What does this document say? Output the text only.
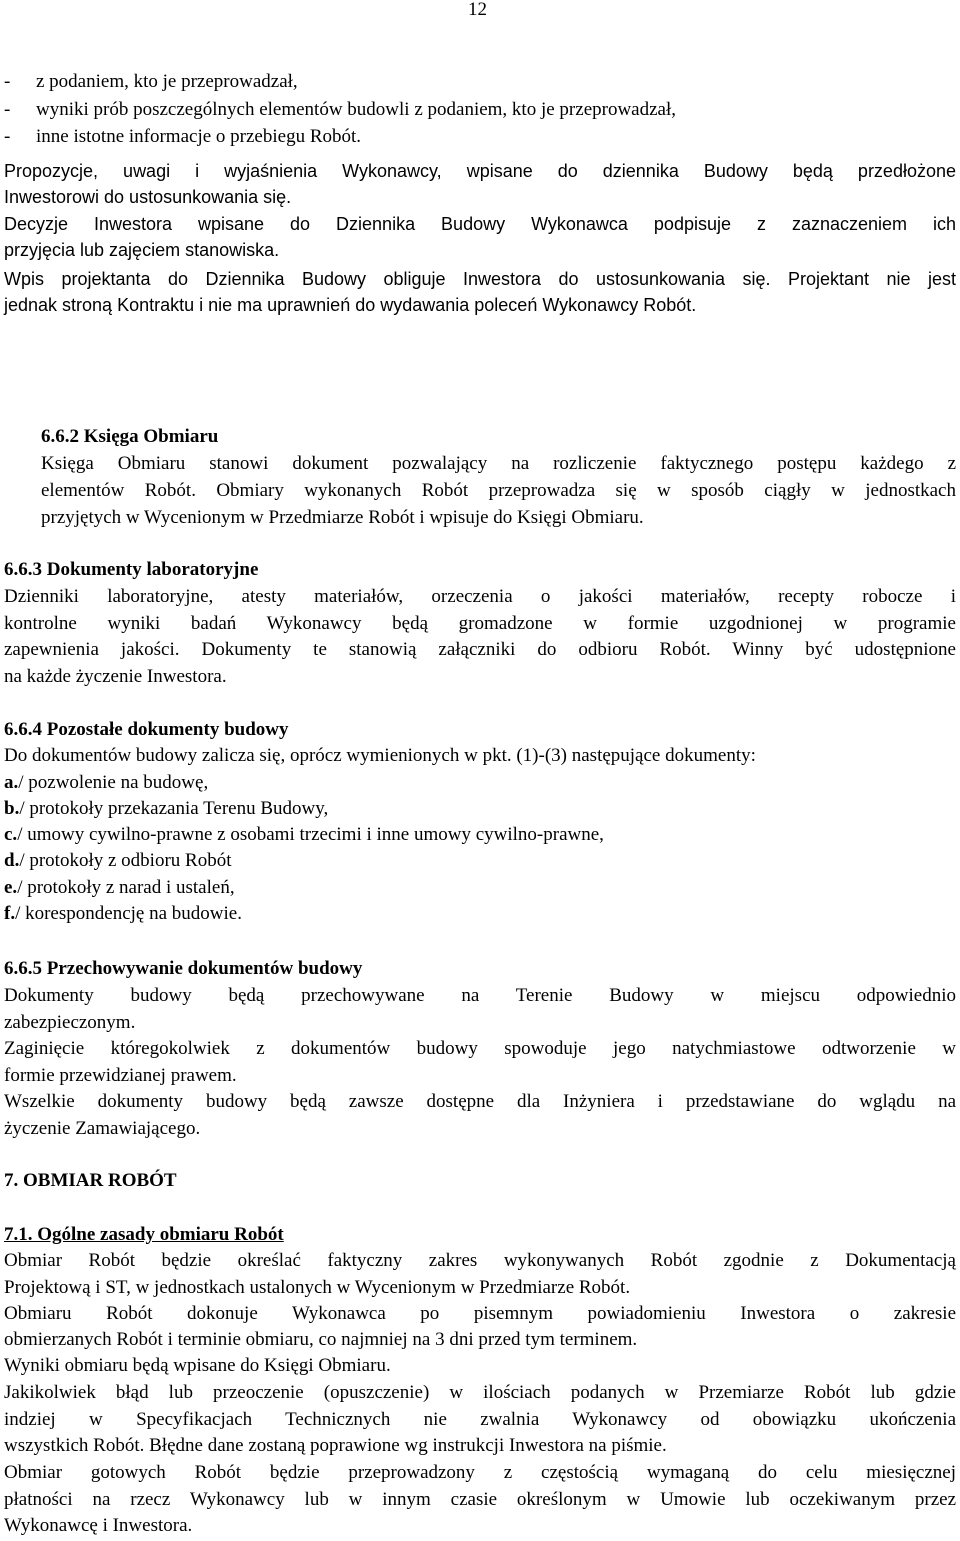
12
- z podaniem, kto je przeprowadzał,
- wyniki prób poszczególnych elementów budowli z podaniem, kto je przeprowadzał,
- inne istotne informacje o przebiegu Robót.
Propozycje, uwagi i wyjaśnienia Wykonawcy, wpisane do dziennika Budowy będą przedłożone
Inwestorowi do ustosunkowania się.
Decyzje Inwestora wpisane do Dziennika Budowy Wykonawca podpisuje z zaznaczeniem ich
przyjęcia lub zajęciem stanowiska.
Wpis projektanta do Dziennika Budowy obliguje Inwestora do ustosunkowania się. Projektant nie jest
jednak stroną Kontraktu i nie ma uprawnień do wydawania poleceń Wykonawcy Robót.
6.6.2 Księga Obmiaru
Księga Obmiaru stanowi dokument pozwalający na rozliczenie faktycznego postępu każdego z
elementów Robót. Obmiary wykonanych Robót przeprowadza się w sposób ciągły w jednostkach
przyjętych w Wycenionym w Przedmiarze Robót i wpisuje do Księgi Obmiaru.
6.6.3 Dokumenty laboratoryjne
Dzienniki laboratoryjne, atesty materiałów, orzeczenia o jakości materiałów, recepty robocze i
kontrolne wyniki badań Wykonawcy będą gromadzone w formie uzgodnionej w programie
zapewnienia jakości. Dokumenty te stanowią załączniki do odbioru Robót. Winny być udostępnione
na każde życzenie Inwestora.
6.6.4 Pozostałe dokumenty budowy
Do dokumentów budowy zalicza się, oprócz wymienionych w pkt. (1)-(3) następujące dokumenty:
a./ pozwolenie na budowę,
b./ protokoły przekazania Terenu Budowy,
c./ umowy cywilno-prawne z osobami trzecimi i inne umowy cywilno-prawne,
d./ protokoły z odbioru Robót
e./ protokoły z narad i ustaleń,
f./ korespondencję na budowie.
6.6.5 Przechowywanie dokumentów budowy
Dokumenty budowy będą przechowywane na Terenie Budowy w miejscu odpowiednio
zabezpieczonym.
Zaginięcie któregokolwiek z dokumentów budowy spowoduje jego natychmiastowe odtworzenie w
formie przewidzianej prawem.
Wszelkie dokumenty budowy będą zawsze dostępne dla Inżyniera i przedstawiane do wglądu na
życzenie Zamawiającego.
7. OBMIAR ROBÓT
7.1. Ogólne zasady obmiaru Robót
Obmiar Robót będzie określać faktyczny zakres wykonywanych Robót zgodnie z Dokumentacją
Projektową i ST, w jednostkach ustalonych w Wycenionym w Przedmiarze Robót.
Obmiaru Robót dokonuje Wykonawca po pisemnym powiadomieniu Inwestora o zakresie
obmierzanych Robót i terminie obmiaru, co najmniej na 3 dni przed tym terminem.
Wyniki obmiaru będą wpisane do Księgi Obmiaru.
Jakikolwiek błąd lub przeoczenie (opuszczenie) w ilościach podanych w Przemiarze Robót lub gdzie
indziej w Specyfikacjach Technicznych nie zwalnia Wykonawcy od obowiązku ukończenia
wszystkich Robót. Błędne dane zostaną poprawione wg instrukcji Inwestora na piśmie.
Obmiar gotowych Robót będzie przeprowadzony z częstością wymaganą do celu miesięcznej
płatności na rzecz Wykonawcy lub w innym czasie określonym w Umowie lub oczekiwanym przez
Wykonawcę i Inwestora.
